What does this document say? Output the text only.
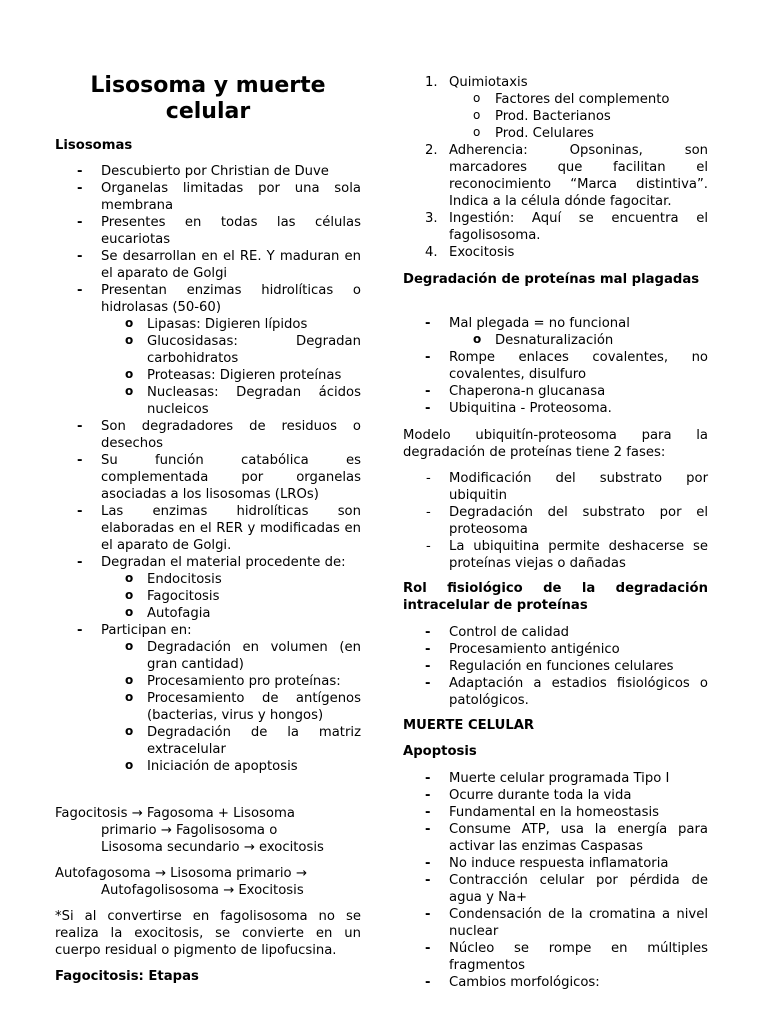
Lisosoma y muerte celular

Lisosomas

- Descubierto por Christian de Duve
- Organelas limitadas por una sola membrana
- Presentes en todas las células eucariotas
- Se desarrollan en el RE. Y maduran en el aparato de Golgi
- Presentan enzimas hidrolíticas o hidrolasas (50-60)
o Lipasas: Digieren lípidos
o Glucosidasas: Degradan carbohidratos
o Proteasas: Digieren proteínas
o Nucleasas: Degradan ácidos nucleicos
- Son degradadores de residuos o desechos
- Su función catabólica es complementada por organelas asociadas a los lisosomas (LROs)
- Las enzimas hidrolíticas son elaboradas en el RER y modificadas en el aparato de Golgi.
- Degradan el material procedente de:
o Endocitosis
o Fagocitosis
o Autofagia
- Participan en:
o Degradación en volumen (en gran cantidad)
o Procesamiento pro proteínas:
o Procesamiento de antígenos (bacterias, virus y hongos)
o Degradación de la matriz extracelular
o Iniciación de apoptosis

Fagocitosis → Fagosoma + Lisosoma

primario → Fagolisosoma o

Lisosoma secundario → exocitosis

Autofagosoma → Lisosoma primario →

Autofagolisosoma → Exocitosis

*Si al convertirse en fagolisosoma no se realiza la exocitosis, se convierte en un cuerpo residual o pigmento de lipofucsina.

Fagocitosis: Etapas

1. Quimiotaxis
o Factores del complemento
o Prod. Bacterianos
o Prod. Celulares
2. Adherencia: Opsoninas, son marcadores que facilitan el reconocimiento “Marca distintiva”. Indica a la célula dónde fagocitar.
3. Ingestión: Aquí se encuentra el fagolisosoma.
4. Exocitosis

Degradación de proteínas mal plagadas

- Mal plegada = no funcional
o Desnaturalización
- Rompe enlaces covalentes, no covalentes, disulfuro
- Chaperona-n glucanasa
- Ubiquitina - Proteosoma.

Modelo ubiquitín-proteosoma para la degradación de proteínas tiene 2 fases:

- Modificación del substrato por ubiquitin
- Degradación del substrato por el proteosoma
- La ubiquitina permite deshacerse se proteínas viejas o dañadas

Rol fisiológico de la degradación intracelular de proteínas

- Control de calidad
- Procesamiento antigénico
- Regulación en funciones celulares
- Adaptación a estadios fisiológicos o patológicos.

MUERTE CELULAR

Apoptosis

- Muerte celular programada Tipo I
- Ocurre durante toda la vida
- Fundamental en la homeostasis
- Consume ATP, usa la energía para activar las enzimas Caspasas
- No induce respuesta inflamatoria
- Contracción celular por pérdida de agua y Na+
- Condensación de la cromatina a nivel nuclear
- Núcleo se rompe en múltiples fragmentos
- Cambios morfológicos:
